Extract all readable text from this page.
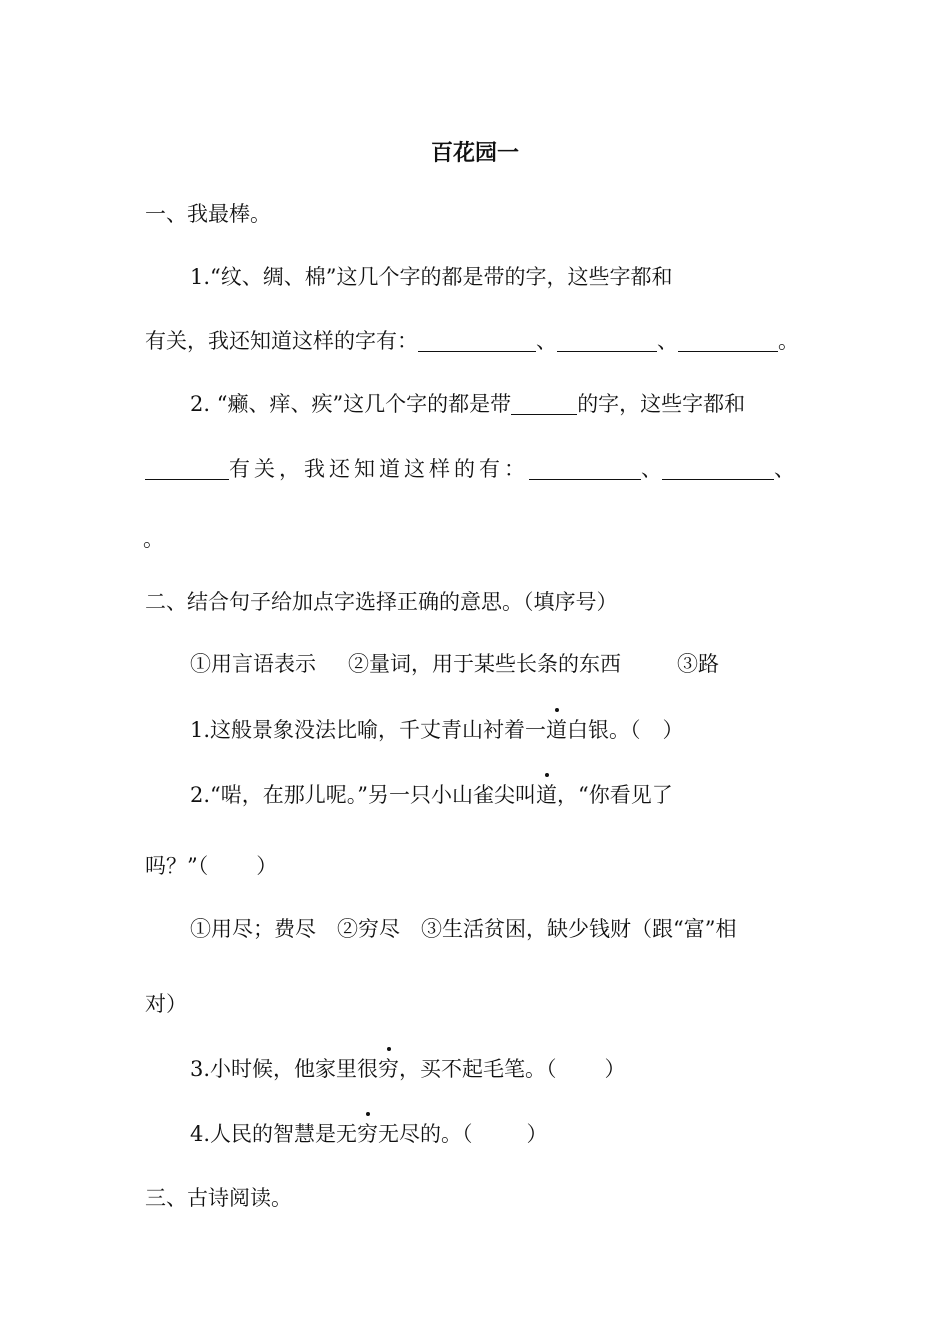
百花园一
一、我最棒。
1.“纹、绸、棉”这几个字的都是带的字，这些字都和
有关，我还知道这样的字有：	、	、	。
2. “癞、痒、疾”这几个字的都是带	的字，这些字都和
有关，我还知道这样的有：	、	、
。
二、结合句子给加点字选择正确的意思。（填序号）
①用言语表示 ②量词，用于某些长条的东西	③路
1.这般景象没法比喻，千丈青山衬着一道白银。（ ）
2.“啱，在那儿呢。”另一只小山雀尖叫道，“你看见了
吗？”（ ）
①用尽；费尽　②穷尽　③生活贫困，缺少钱财（跟“富”相
对）
3.小时候，他家里很穷，买不起毛笔。（ ）
4.人民的智慧是无穷无尽的。（	）
三、古诗阅读。
